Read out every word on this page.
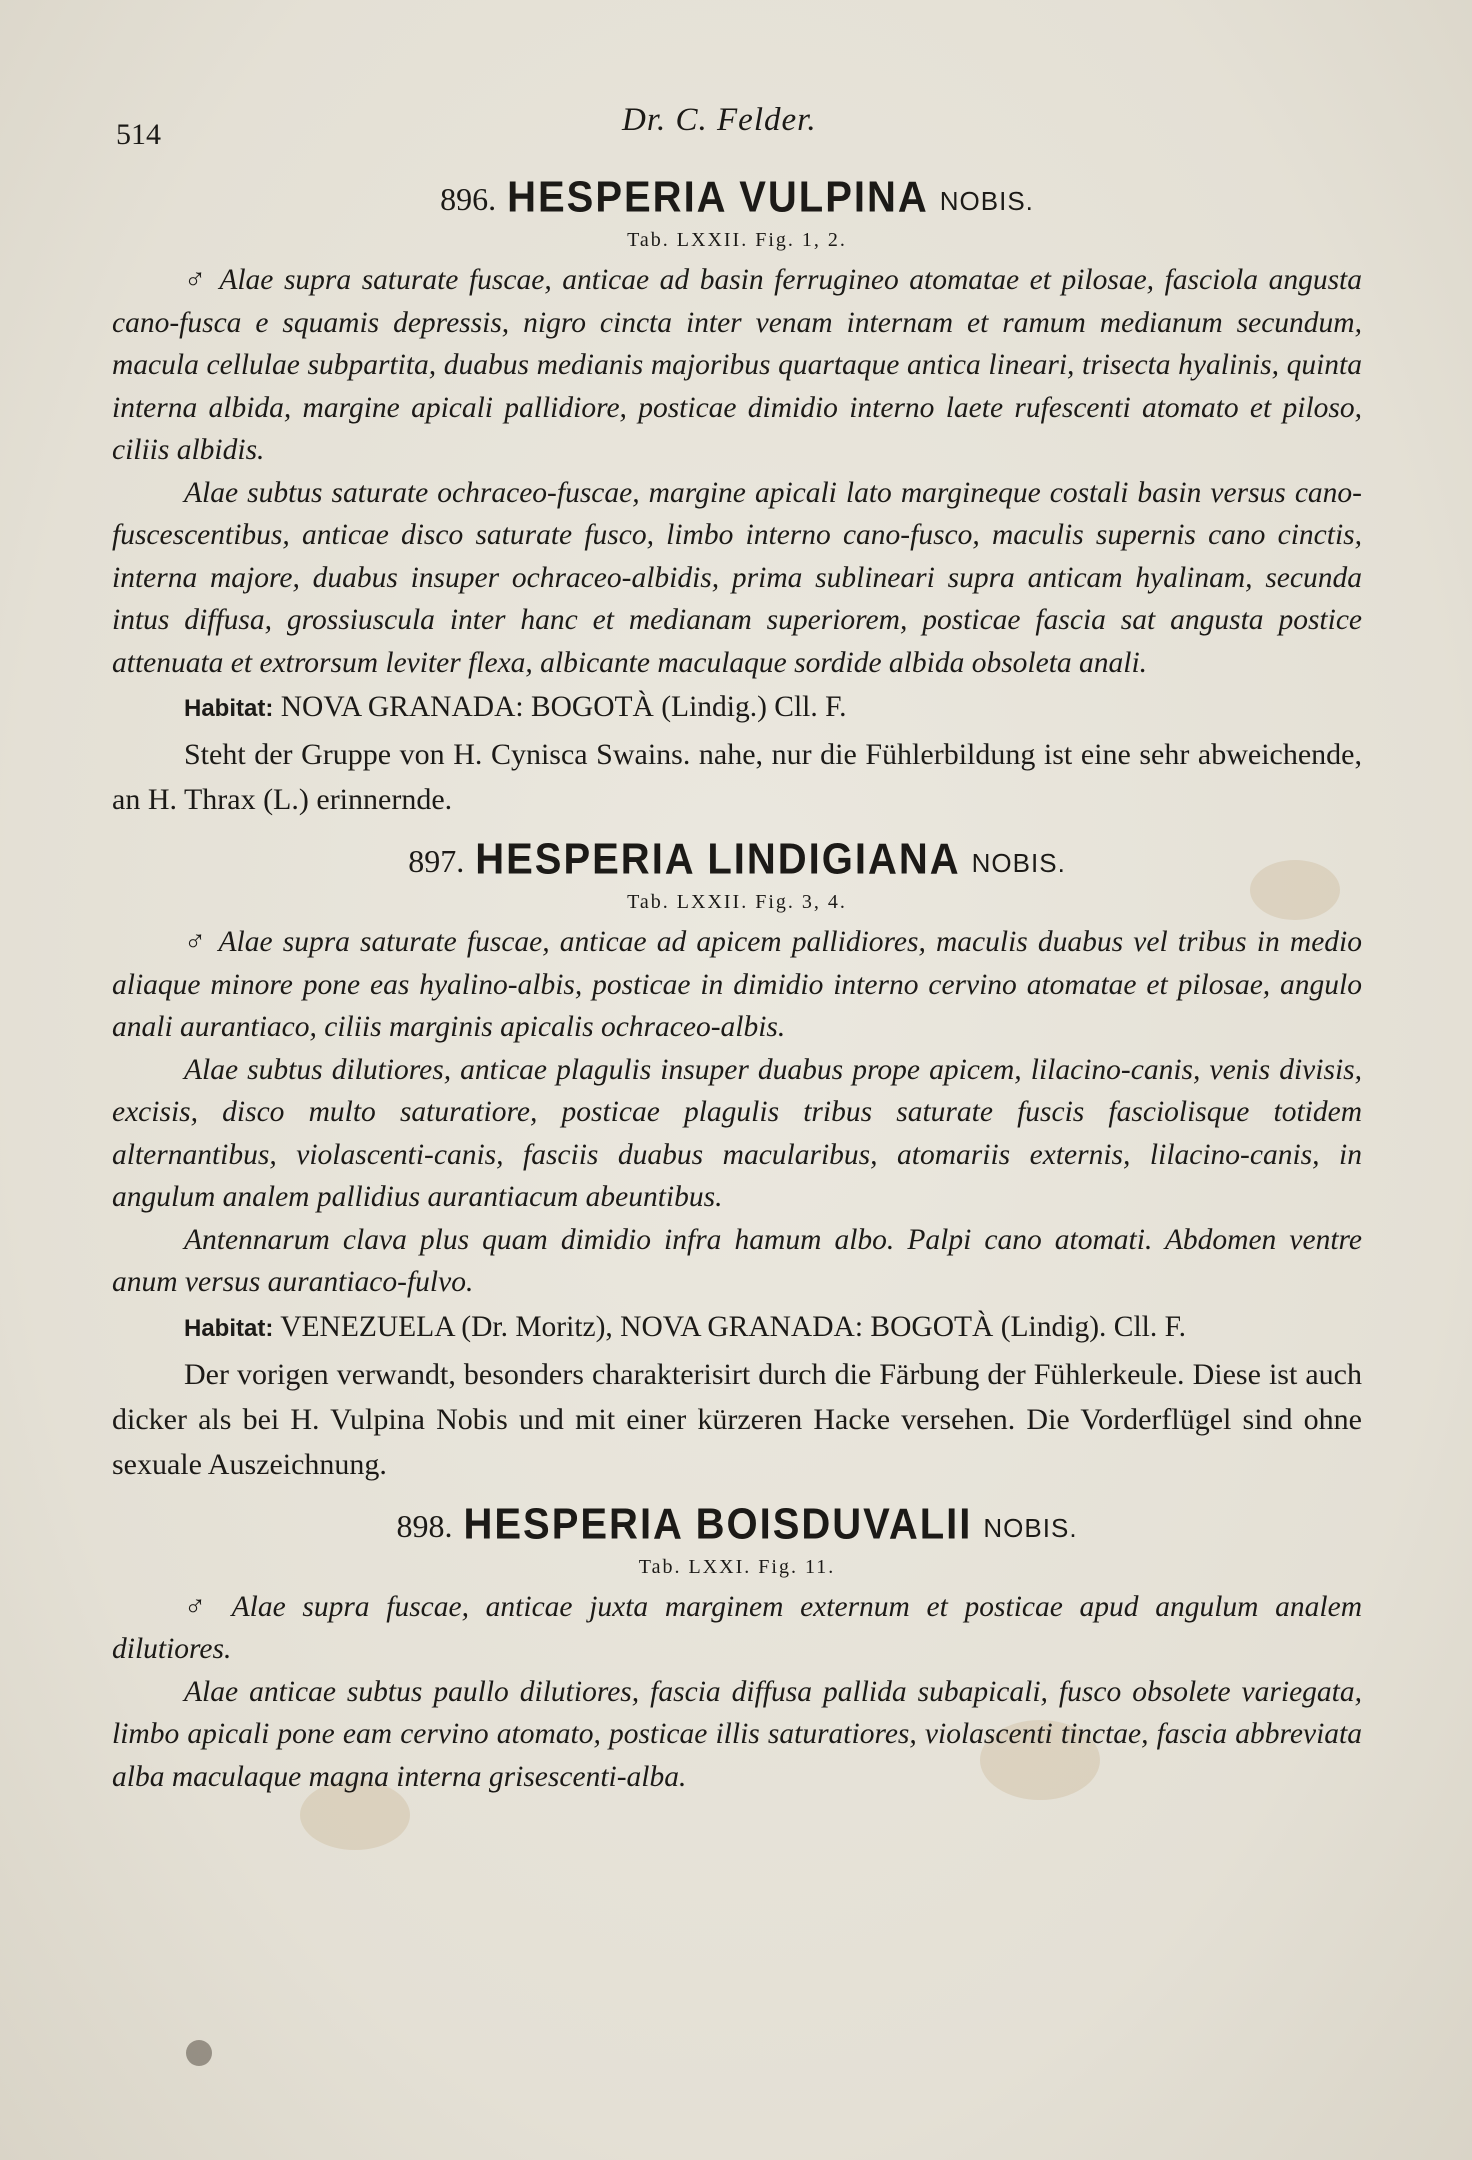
514	Dr. C. Felder.
896. HESPERIA VULPINA NOBIS.
Tab. LXXII. Fig. 1, 2.

♂ Alae supra saturate fuscae, anticae ad basin ferrugineo atomatae et pilosae, fasciola angusta cano-fusca e squamis depressis, nigro cincta inter venam internam et ramum medianum secundum, macula cellulae subpartita, duabus medianis majoribus quartaque antica lineari, trisecta hyalinis, quinta interna albida, margine apicali pallidiore, posticae dimidio interno laete rufescenti atomato et piloso, ciliis albidis.

Alae subtus saturate ochraceo-fuscae, margine apicali lato margineque costali basin versus cano-fuscescentibus, anticae disco saturate fusco, limbo interno cano-fusco, maculis supernis cano cinctis, interna majore, duabus insuper ochraceo-albidis, prima sublineari supra anticam hyalinam, secunda intus diffusa, grossiuscula inter hanc et medianam superiorem, posticae fascia sat angusta postice attenuata et extrorsum leviter flexa, albicante maculaque sordide albida obsoleta anali.

Habitat: NOVA GRANADA: BOGOTÀ (Lindig.) Cll. F.

Steht der Gruppe von H. Cynisca Swains. nahe, nur die Fühlerbildung ist eine sehr abweichende, an H. Thrax (L.) erinnernde.

897. HESPERIA LINDIGIANA NOBIS.
Tab. LXXII. Fig. 3, 4.

♂ Alae supra saturate fuscae, anticae ad apicem pallidiores, maculis duabus vel tribus in medio aliaque minore pone eas hyalino-albis, posticae in dimidio interno cervino atomatae et pilosae, angulo anali aurantiaco, ciliis marginis apicalis ochraceo-albis.

Alae subtus dilutiores, anticae plagulis insuper duabus prope apicem, lilacino-canis, venis divisis, excisis, disco multo saturatiore, posticae plagulis tribus saturate fuscis fasciolisque totidem alternantibus, violascenti-canis, fasciis duabus macularibus, atomariis externis, lilacino-canis, in angulum analem pallidius aurantiacum abeuntibus.

Antennarum clava plus quam dimidio infra hamum albo. Palpi cano atomati. Abdomen ventre anum versus aurantiaco-fulvo.

Habitat: VENEZUELA (Dr. Moritz), NOVA GRANADA: BOGOTÀ (Lindig). Cll. F.

Der vorigen verwandt, besonders charakterisirt durch die Färbung der Fühlerkeule. Diese ist auch dicker als bei H. Vulpina Nobis und mit einer kürzeren Hacke versehen. Die Vorderflügel sind ohne sexuale Auszeichnung.

898. HESPERIA BOISDUVALII NOBIS.
Tab. LXXI. Fig. 11.

♂ Alae supra fuscae, anticae juxta marginem externum et posticae apud angulum analem dilutiores.

Alae anticae subtus paullo dilutiores, fascia diffusa pallida subapicali, fusco obsolete variegata, limbo apicali pone eam cervino atomato, posticae illis saturatiores, violascenti tinctae, fascia abbreviata alba maculaque magna interna grisescenti-alba.
